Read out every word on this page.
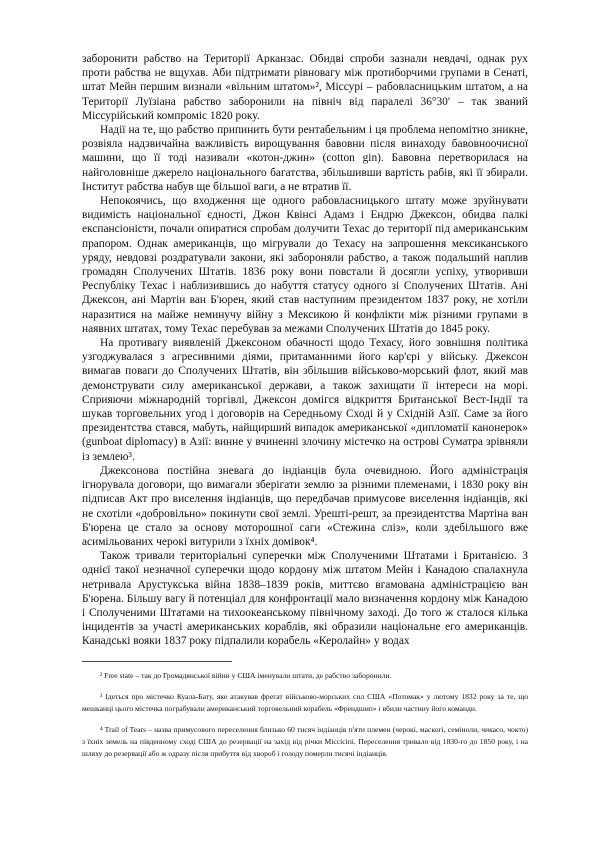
заборонити рабство на Території Арканзас. Обидві спроби зазнали невдачі, однак рух проти рабства не вщухав. Аби підтримати рівновагу між протиборчими групами в Сенаті, штат Мейн першим визнали «вільним штатом»², Міссурі – рабовласницьким штатом, а на Території Луїзіана рабство заборонили на північ від паралелі 36°30′ – так званий Міссурійський компроміс 1820 року.

Надії на те, що рабство припинить бути рентабельним і ця проблема непомітно зникне, розвіяла надзвичайна важливість вирощування бавовни після винаходу бавовноочисної машини, що її тоді називали «котон-джин» (cotton gin). Бавовна перетворилася на найголовніше джерело національного багатства, збільшивши вартість рабів, які її збирали. Інститут рабства набув ще більшої ваги, а не втратив її.

Непокоячись, що входження ще одного рабовласницького штату може зруйнувати видимість національної єдності, Джон Квінсі Адамз і Ендрю Джексон, обидва палкі експансіоністи, почали опиратися спробам долучити Техас до території під американським прапором. Однак американців, що мігрували до Техасу на запрошення мексиканського уряду, невдовзі роздратували закони, які забороняли рабство, а також подальший наплив громадян Сполучених Штатів. 1836 року вони повстали й досягли успіху, утворивши Республіку Техас і наблизившись до набуття статусу одного зі Сполучених Штатів. Ані Джексон, ані Мартін ван Б'юрен, який став наступним президентом 1837 року, не хотіли наразитися на майже неминучу війну з Мексикою й конфлікти між різними групами в наявних штатах, тому Техас перебував за межами Сполучених Штатів до 1845 року.

На противагу виявленій Джексоном обачності щодо Техасу, його зовнішня політика узгоджувалася з агресивними діями, притаманними його кар'єрі у війську. Джексон вимагав поваги до Сполучених Штатів, він збільшив військово-морський флот, який мав демонструвати силу американської держави, а також захищати її інтереси на морі. Сприяючи міжнародній торгівлі, Джексон домігся відкриття Британської Вест-Індії та шукав торговельних угод і договорів на Середньому Сході й у Східній Азії. Саме за його президентства стався, мабуть, найщирший випадок американської «дипломатії канонерок» (gunboat diplomacy) в Азії: винне у вчиненні злочину містечко на острові Суматра зрівняли із землею³.

Джексонова постійна зневага до індіанців була очевидною. Його адміністрація ігнорувала договори, що вимагали зберігати землю за різними племенами, і 1830 року він підписав Акт про виселення індіанців, що передбачав примусове виселення індіанців, які не схотіли «добровільно» покинути свої землі. Урешті-решт, за президентства Мартіна ван Б'юрена це стало за основу моторошної саги «Стежина сліз», коли здебільшого вже асимільованих черокі витурили з їхніх домівок⁴.

Також тривали територіальні суперечки між Сполученими Штатами і Британією. З однієї такої незначної суперечки щодо кордону між штатом Мейн і Канадою спалахнула нетривала Арустукська війна 1838–1839 років, миттєво вгамована адміністрацією ван Б'юрена. Більшу вагу й потенціал для конфронтації мало визначення кордону між Канадою і Сполученими Штатами на тихоокеанському північному заході. До того ж сталося кілька інцидентів за участі американських кораблів, які образили національне его американців. Канадські вояки 1837 року підпалили корабель «Керолайн» у водах

² Free state – так до Громадянської війни у США іменували штати, де рабство заборонили.

³ Ідеться про містечко Куала-Бату, яке атакував фрегат військово-морських сил США «Потомак» у лютому 1832 року за те, що мешканці цього містечка пограбували американський торговельний корабель «Френдшип» і вбили частину його команди.

⁴ Trail of Tears – назва примусового переселення близько 60 тисяч індіанців п'яти племен (черокі, маскогі, семіноли, чикасо, чокто) з їхніх земель на південному сході США до резервації на захід від річки Міссісіпі. Переселення тривало від 1830-го до 1850 року, і на шляху до резервації або ж одразу після прибуття від хвороб і голоду померли тисячі індіанців.
